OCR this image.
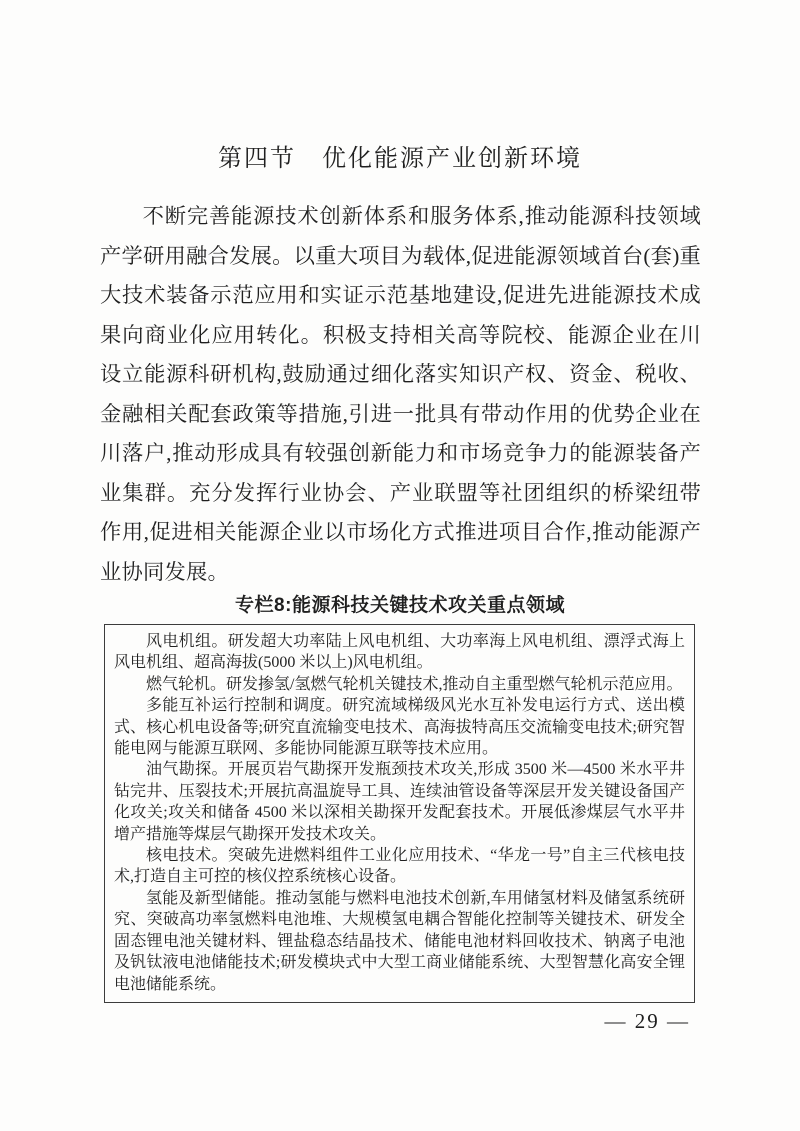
第四节　优化能源产业创新环境
不断完善能源技术创新体系和服务体系,推动能源科技领域产学研用融合发展。以重大项目为载体,促进能源领域首台(套)重大技术装备示范应用和实证示范基地建设,促进先进能源技术成果向商业化应用转化。积极支持相关高等院校、能源企业在川设立能源科研机构,鼓励通过细化落实知识产权、资金、税收、金融相关配套政策等措施,引进一批具有带动作用的优势企业在川落户,推动形成具有较强创新能力和市场竞争力的能源装备产业集群。充分发挥行业协会、产业联盟等社团组织的桥梁纽带作用,促进相关能源企业以市场化方式推进项目合作,推动能源产业协同发展。
专栏8:能源科技关键技术攻关重点领域

风电机组。研发超大功率陆上风电机组、大功率海上风电机组、漂浮式海上风电机组、超高海拔(5000 米以上)风电机组。

燃气轮机。研发掺氢/氢燃气轮机关键技术,推动自主重型燃气轮机示范应用。

多能互补运行控制和调度。研究流域梯级风光水互补发电运行方式、送出模式、核心机电设备等;研究直流输变电技术、高海拔特高压交流输变电技术;研究智能电网与能源互联网、多能协同能源互联等技术应用。

油气勘探。开展页岩气勘探开发瓶颈技术攻关,形成 3500 米—4500 米水平井钻完井、压裂技术;开展抗高温旋导工具、连续油管设备等深层开发关键设备国产化攻关;攻关和储备 4500 米以深相关勘探开发配套技术。开展低渗煤层气水平井增产措施等煤层气勘探开发技术攻关。

核电技术。突破先进燃料组件工业化应用技术、“华龙一号”自主三代核电技术,打造自主可控的核仪控系统核心设备。

氢能及新型储能。推动氢能与燃料电池技术创新,车用储氢材料及储氢系统研究、突破高功率氢燃料电池堆、大规模氢电耦合智能化控制等关键技术、研发全固态锂电池关键材料、锂盐稳态结晶技术、储能电池材料回收技术、钠离子电池及钒钛液电池储能技术;研发模块式中大型工商业储能系统、大型智慧化高安全锂电池储能系统。

— 29 —
